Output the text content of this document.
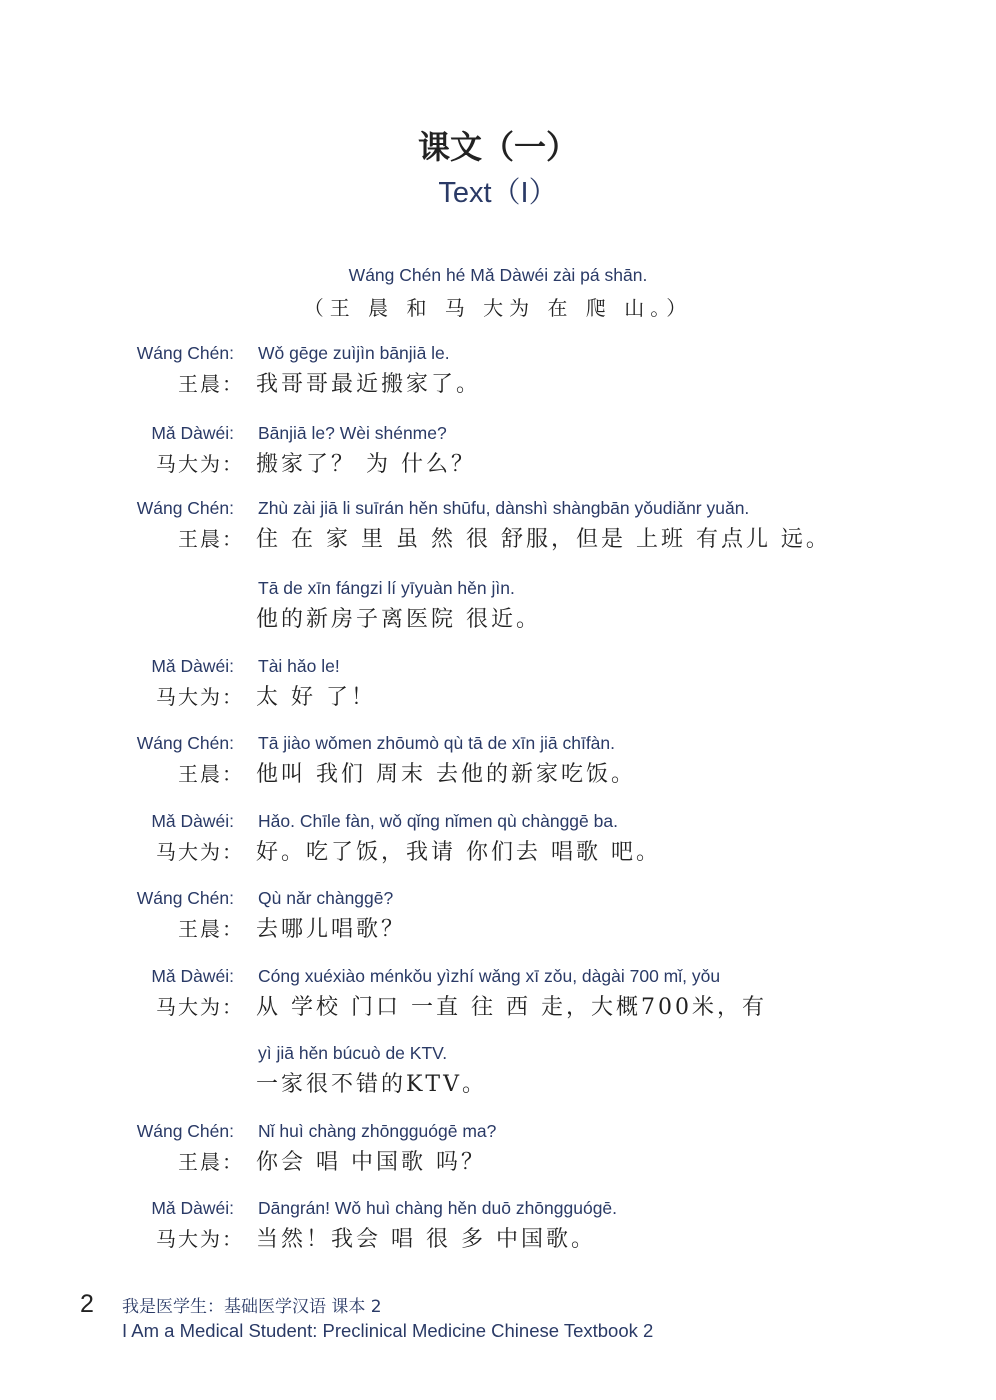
课文（一）
Text（I）
Wáng Chén hé Mǎ Dàwéi zài pá shān.
（王 晨 和 马 大为 在 爬 山。）
Wáng Chén: Wǒ gēge zuìjìn bānjiā le.
王晨： 我哥哥最近搬家了。
Mǎ Dàwéi: Bānjiā le? Wèi shénme?
马大为： 搬家了？ 为 什么？
Wáng Chén: Zhù zài jiā li suīrán hěn shūfu, dànshì shàngbān yǒudiǎnr yuǎn.
王晨： 住 在 家 里 虽 然 很 舒服，但是 上班 有点儿 远。
Tā de xīn fángzi lí yīyuàn hěn jìn.
他的新房子离医院 很近。
Mǎ Dàwéi: Tài hǎo le!
马大为： 太 好 了！
Wáng Chén: Tā jiào wǒmen zhōumò qù tā de xīn jiā chīfàn.
王晨： 他叫 我们 周末 去他的新家吃饭。
Mǎ Dàwéi: Hǎo. Chīle fàn, wǒ qǐng nǐmen qù chànggē ba.
马大为： 好。吃了饭，我请 你们去 唱歌 吧。
Wáng Chén: Qù nǎr chànggē?
王晨： 去哪儿唱歌？
Mǎ Dàwéi: Cóng xuéxiào ménkǒu yìzhí wǎng xī zǒu, dàgài 700 mǐ, yǒu
马大为： 从 学校 门口 一直 往 西 走，大概700米，有
yì jiā hěn búcuò de KTV.
一家很不错的KTV。
Wáng Chén: Nǐ huì chàng zhōngguógē ma?
王晨： 你会 唱 中国歌 吗？
Mǎ Dàwéi: Dāngrán! Wǒ huì chàng hěn duō zhōngguógē.
马大为： 当然！我会 唱 很 多 中国歌。
2 我是医学生：基础医学汉语 课本 2
I Am a Medical Student: Preclinical Medicine Chinese Textbook 2
